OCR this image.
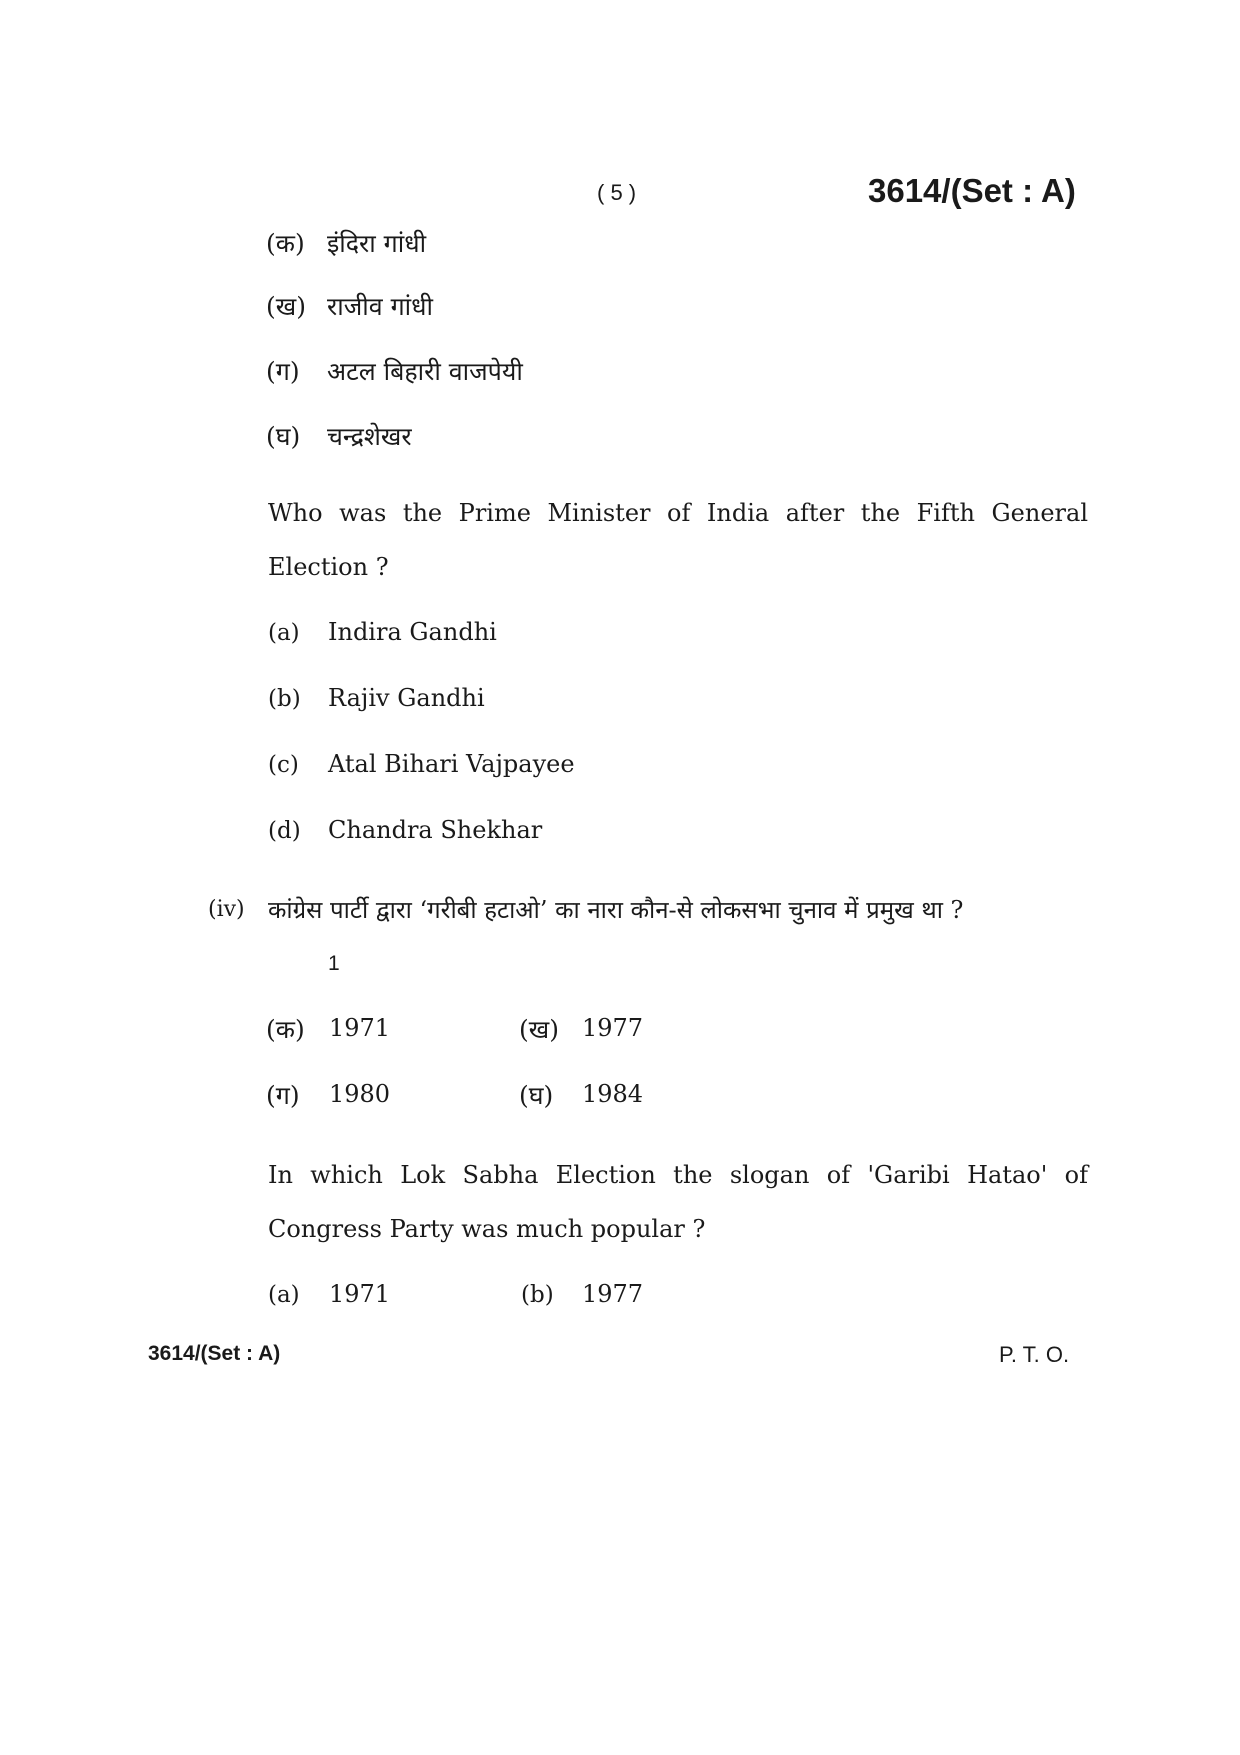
( 5 )	3614/(Set : A)
(क) इंदिरा गांधी
(ख) राजीव गांधी
(ग) अटल बिहारी वाजपेयी
(घ) चन्द्रशेखर
Who was the Prime Minister of India after the Fifth General Election ?
(a) Indira Gandhi
(b) Rajiv Gandhi
(c) Atal Bihari Vajpayee
(d) Chandra Shekhar
(iv) कांग्रेस पार्टी द्वारा ‘गरीबी हटाओ’ का नारा कौन-से लोकसभा चुनाव में प्रमुख था ?
1
(क) 1971	(ख) 1977
(ग) 1980	(घ) 1984
In which Lok Sabha Election the slogan of 'Garibi Hatao' of Congress Party was much popular ?
(a) 1971	(b) 1977
3614/(Set : A)	P. T. O.
